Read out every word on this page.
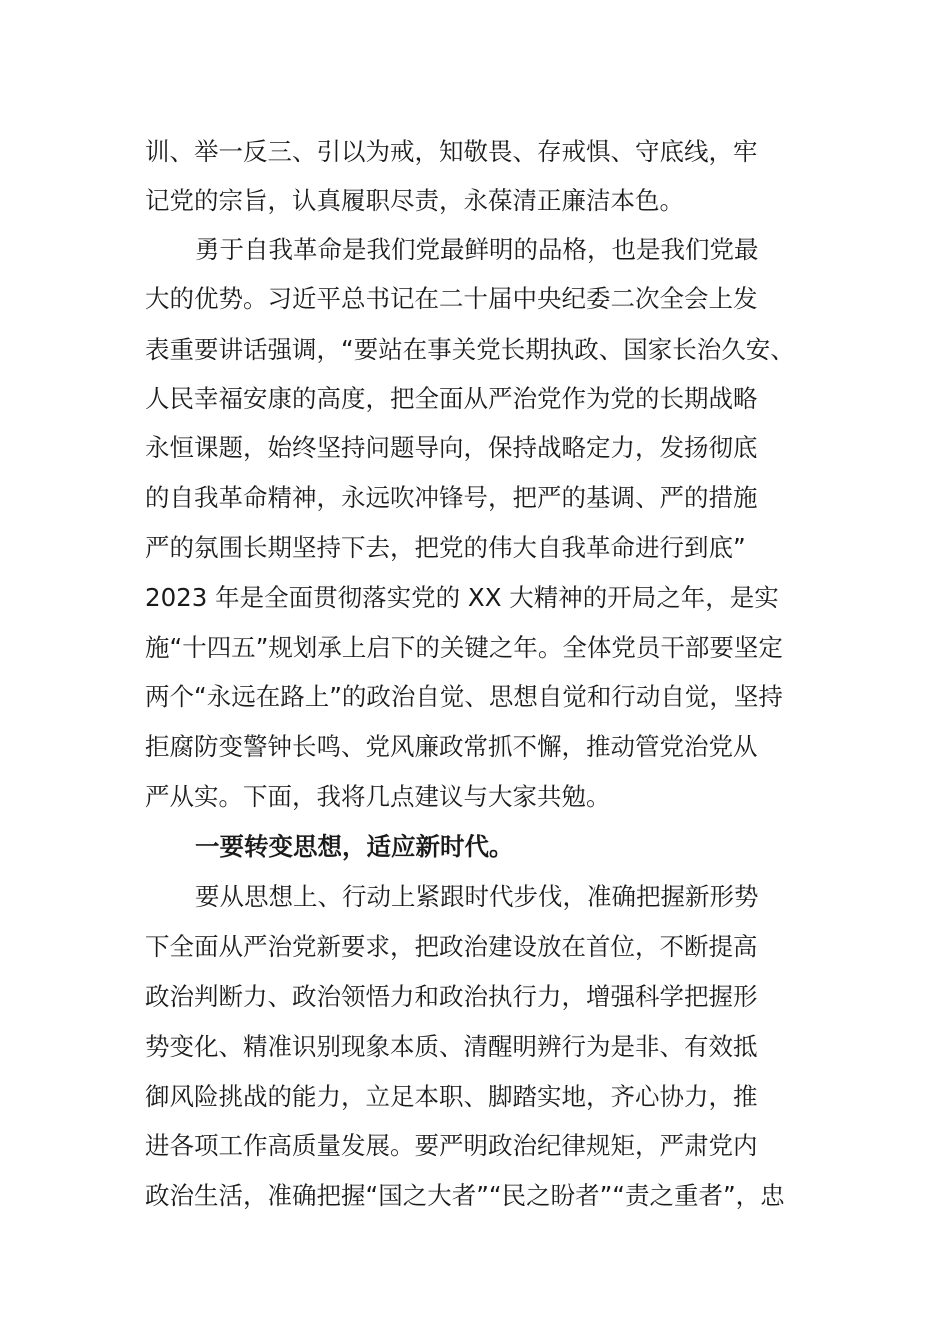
训、举一反三、引以为戒，知敬畏、存戒惧、守底线，牢
记党的宗旨，认真履职尽责，永葆清正廉洁本色。
勇于自我革命是我们党最鲜明的品格，也是我们党最
大的优势。习近平总书记在二十届中央纪委二次全会上发
表重要讲话强调，“要站在事关党长期执政、国家长治久安、
人民幸福安康的高度，把全面从严治党作为党的长期战略
永恒课题，始终坚持问题导向，保持战略定力，发扬彻底
的自我革命精神，永远吹冲锋号，把严的基调、严的措施
严的氛围长期坚持下去，把党的伟大自我革命进行到底”
2023 年是全面贯彻落实党的 XX 大精神的开局之年，是实
施“十四五”规划承上启下的关键之年。全体党员干部要坚定
两个“永远在路上”的政治自觉、思想自觉和行动自觉，坚持
拒腐防变警钟长鸣、党风廉政常抓不懈，推动管党治党从
严从实。下面，我将几点建议与大家共勉。
一要转变思想，适应新时代。
要从思想上、行动上紧跟时代步伐，准确把握新形势
下全面从严治党新要求，把政治建设放在首位，不断提高
政治判断力、政治领悟力和政治执行力，增强科学把握形
势变化、精准识别现象本质、清醒明辨行为是非、有效抵
御风险挑战的能力，立足本职、脚踏实地，齐心协力，推
进各项工作高质量发展。要严明政治纪律规矩，严肃党内
政治生活，准确把握“国之大者”“民之盼者”“责之重者”，忠
